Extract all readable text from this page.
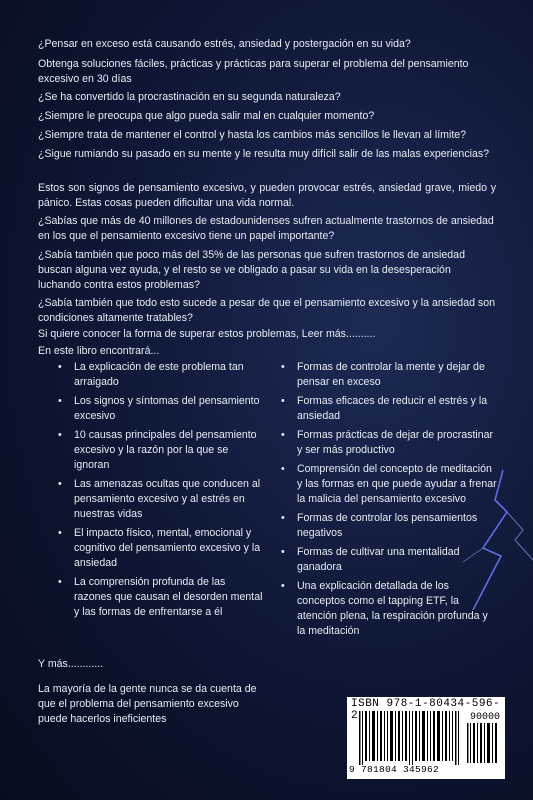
¿Pensar en exceso está causando estrés, ansiedad y postergación en su vida?

Obtenga soluciones fáciles, prácticas y prácticas para superar el problema del pensamiento excesivo en 30 días

¿Se ha convertido la procrastinación en su segunda naturaleza?

¿Siempre le preocupa que algo pueda salir mal en cualquier momento?

¿Siempre trata de mantener el control y hasta los cambios más sencillos le llevan al límite?

¿Sigue rumiando su pasado en su mente y le resulta muy difícil salir de las malas experiencias?

Estos son signos de pensamiento excesivo, y pueden provocar estrés, ansiedad grave, miedo y pánico. Estas cosas pueden dificultar una vida normal.

¿Sabías que más de 40 millones de estadounidenses sufren actualmente trastornos de ansiedad en los que el pensamiento excesivo tiene un papel importante?

¿Sabía también que poco más del 35% de las personas que sufren trastornos de ansiedad buscan alguna vez ayuda, y el resto se ve obligado a pasar su vida en la desesperación luchando contra estos problemas?

¿Sabía también que todo esto sucede a pesar de que el pensamiento excesivo y la ansiedad son condiciones altamente tratables?

Si quiere conocer la forma de superar estos problemas, Leer más..........

En este libro encontrará...

• La explicación de este problema tan arraigado
• Los signos y síntomas del pensamiento excesivo
• 10 causas principales del pensamiento excesivo y la razón por la que se ignoran
• Las amenazas ocultas que conducen al pensamiento excesivo y al estrés en nuestras vidas
• El impacto físico, mental, emocional y cognitivo del pensamiento excesivo y la ansiedad
• La comprensión profunda de las razones que causan el desorden mental y las formas de enfrentarse a él
• Formas de controlar la mente y dejar de pensar en exceso
• Formas eficaces de reducir el estrés y la ansiedad
• Formas prácticas de dejar de procrastinar y ser más productivo
• Comprensión del concepto de meditación y las formas en que puede ayudar a frenar la malicia del pensamiento excesivo
• Formas de controlar los pensamientos negativos
• Formas de cultivar una mentalidad ganadora
• Una explicación detallada de los conceptos como el tapping ETF, la atención plena, la respiración profunda y la meditación

Y más............

La mayoría de la gente nunca se da cuenta de que el problema del pensamiento excesivo puede hacerlos ineficientes

ISBN 978-1-80434-596-2	90000
9 781804 345962
